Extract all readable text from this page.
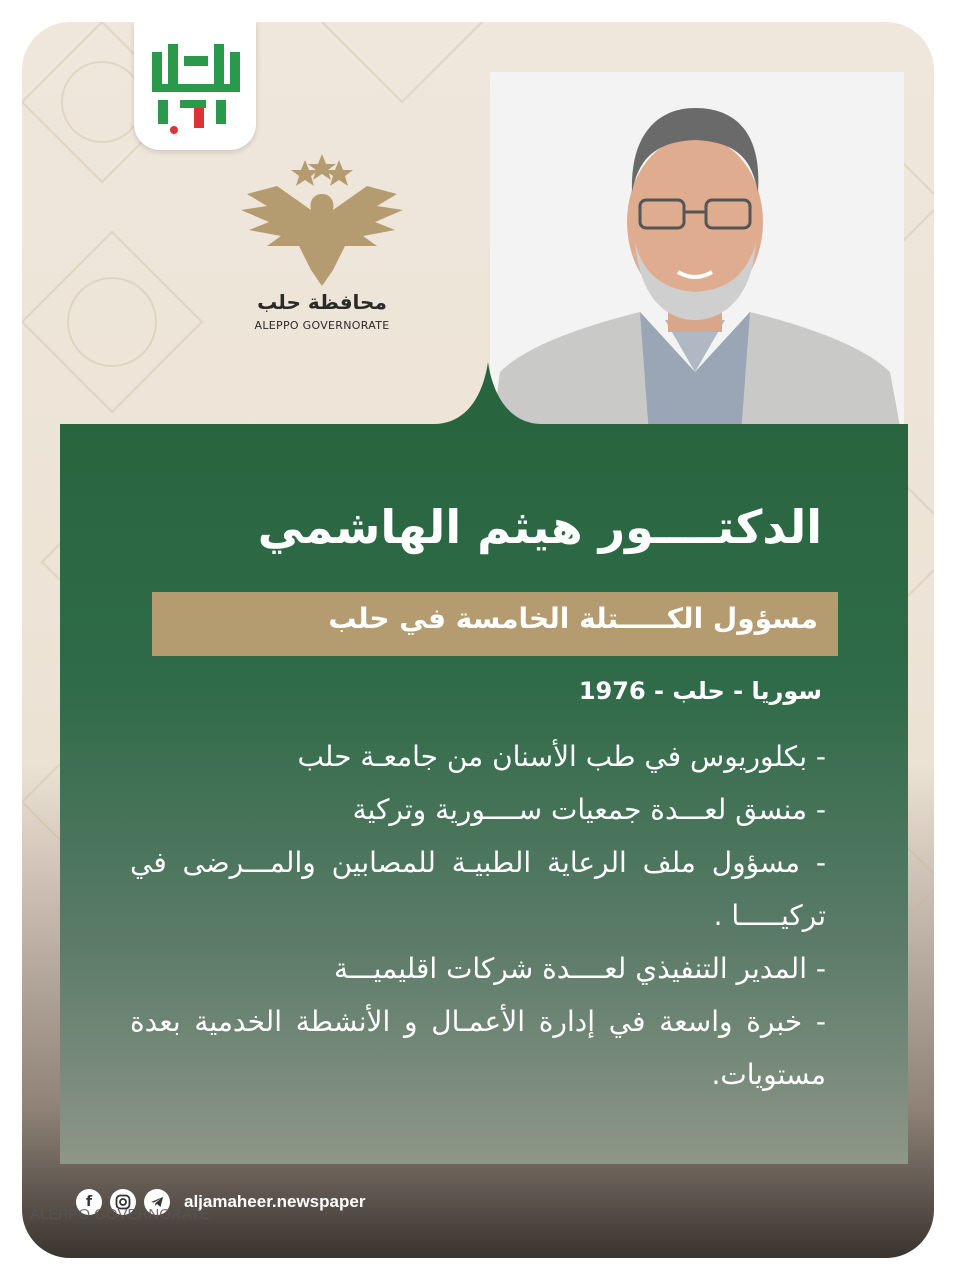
محافظة حلب
ALEPPO GOVERNORATE
الدكتــــور هيثم الهاشمي
مسؤول الكـــــتلة الخامسة في حلب
سوريا - حلب - 1976
- بكلوريوس في طب الأسنان من جامعـة حلب
- منسق لعـــدة جمعيات ســــورية وتركية
- مسؤول ملف الرعاية الطبيـة للمصابين والمـــرضى في تركيـــــا .
- المدير التنفيذي لعــــدة شركات اقليميـــة
- خبرة واسعة في إدارة الأعمـال و الأنشطة الخدمية بعدة مستويات.
f	aljamaheer.newspaper
ALEPPO GOVERNORATE
